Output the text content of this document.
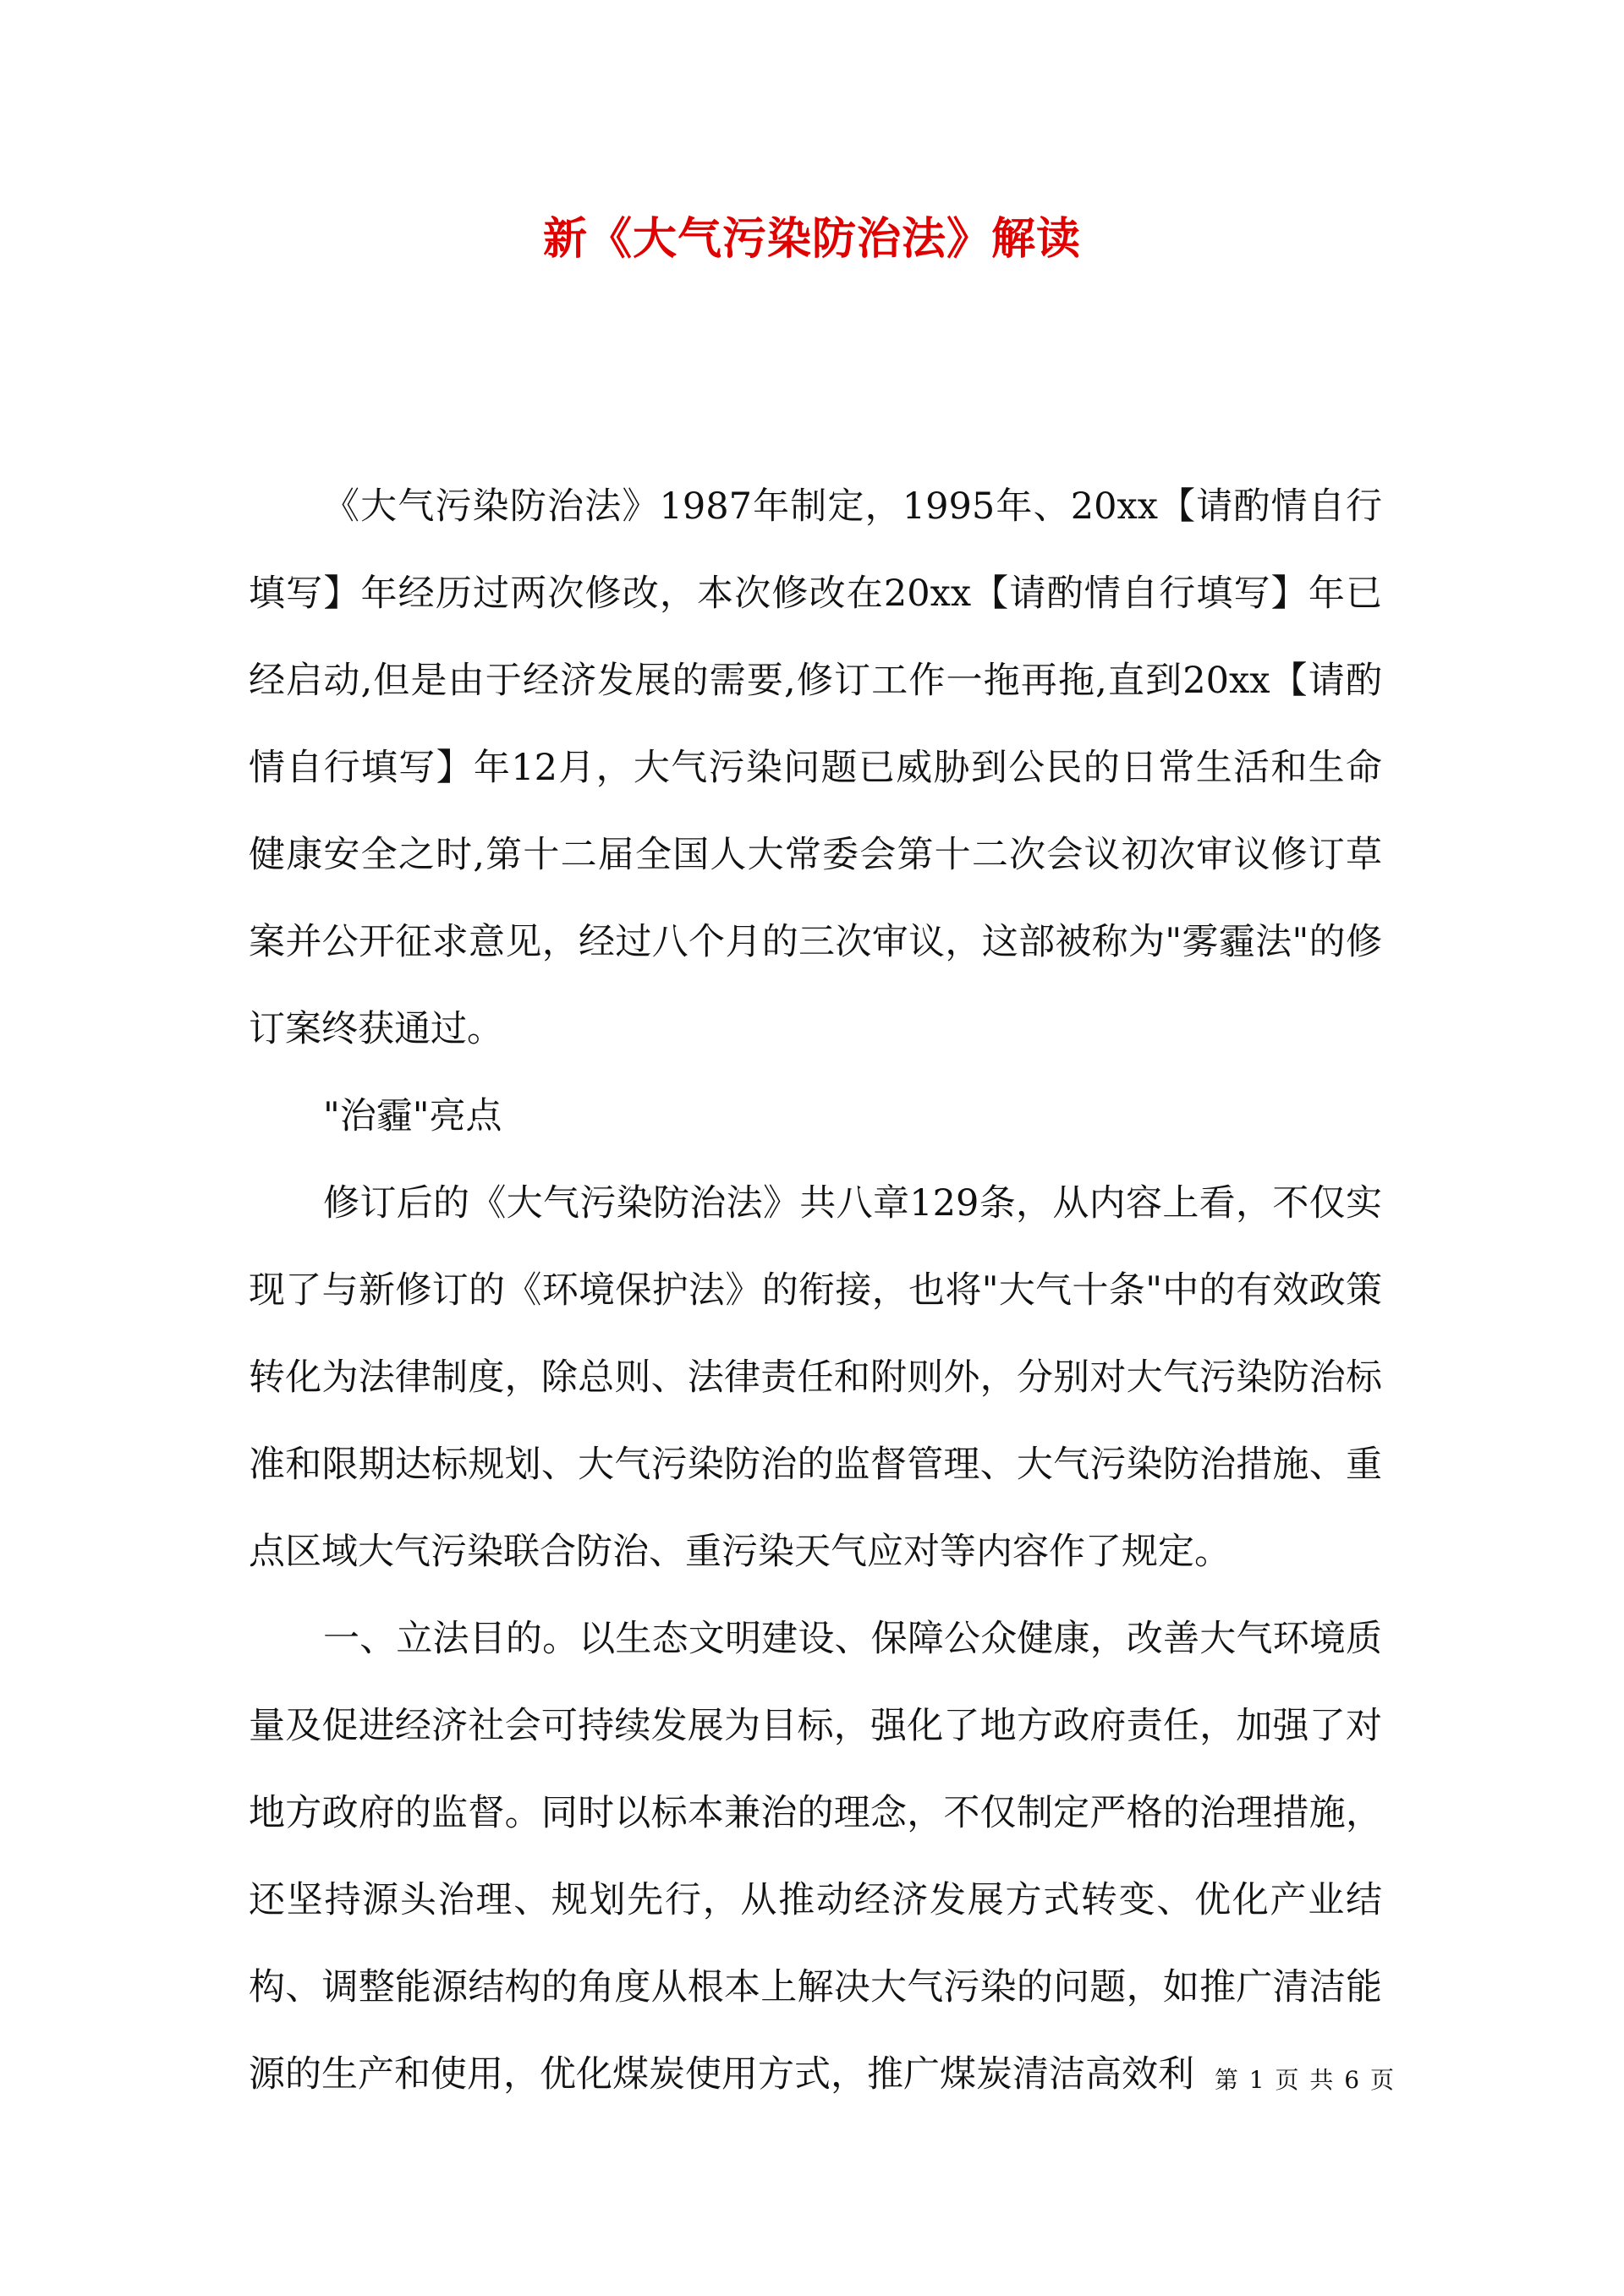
新《大气污染防治法》解读

《大气污染防治法》1987年制定，1995年、20xx【请酌情自行填写】年经历过两次修改，本次修改在20xx【请酌情自行填写】年已经启动,但是由于经济发展的需要,修订工作一拖再拖,直到20xx【请酌情自行填写】年12月，大气污染问题已威胁到公民的日常生活和生命健康安全之时,第十二届全国人大常委会第十二次会议初次审议修订草案并公开征求意见，经过八个月的三次审议，这部被称为"雾霾法"的修订案终获通过。

"治霾"亮点

修订后的《大气污染防治法》共八章129条，从内容上看，不仅实现了与新修订的《环境保护法》的衔接，也将"大气十条"中的有效政策转化为法律制度，除总则、法律责任和附则外，分别对大气污染防治标准和限期达标规划、大气污染防治的监督管理、大气污染防治措施、重点区域大气污染联合防治、重污染天气应对等内容作了规定。

一、立法目的。以生态文明建设、保障公众健康，改善大气环境质量及促进经济社会可持续发展为目标，强化了地方政府责任，加强了对地方政府的监督。同时以标本兼治的理念，不仅制定严格的治理措施，还坚持源头治理、规划先行，从推动经济发展方式转变、优化产业结构、调整能源结构的角度从根本上解决大气污染的问题，如推广清洁能源的生产和使用，优化煤炭使用方式，推广煤炭清洁高效利 第 1 页 共 6 页
